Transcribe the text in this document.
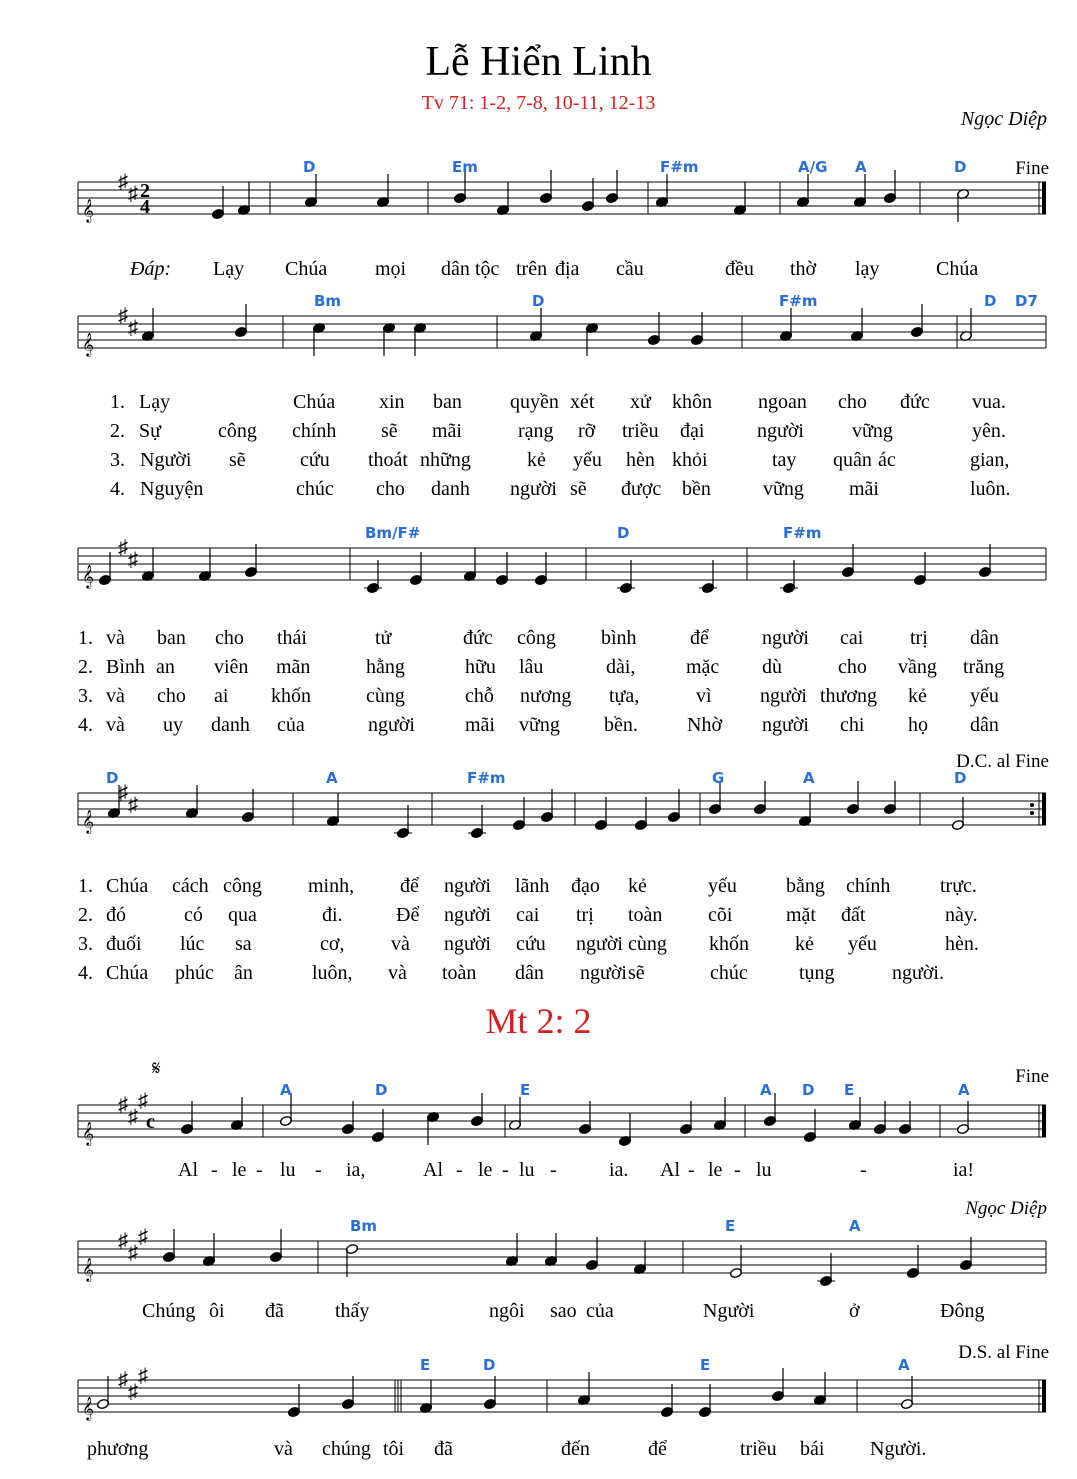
Lễ Hiển Linh
Tv 71: 1-2, 7-8, 10-11, 12-13
Ngọc Diệp
Mt 2: 2
Ngọc Diệp
Fine
D.C. al Fine
Fine
D.S. al Fine
𝄞
♯
♯ 2
4
D	Em	F#m	A/G A	D
Đáp: Lạy Chúa mọi dân tộc trên địa cầu	đều thờ lạy	Chúa
𝄞
♯
♯
Bm	D	F#m	D D7
1. Lạy	Chúa xin ban quyền xét xử khôn ngoan cho đức vua.
2. Sự	công chính sẽ mãi	rạng rỡ triều đại	người vững	yên.
3. Người sẽ	cứu thoát những	kẻ yếu hèn khỏi	tay quân ác	gian,
4. Nguyện	chúc cho danh người sẽ được bền	vững mãi	luôn.
𝄞
♯
♯
Bm/F#	D	F#m
1. và ban cho thái	tử	đức công bình	để	người cai trị dân
2. Bình an viên mãn	hằng	hữu lâu	dài,	mặc dù	cho vầng trăng
3. và cho ai khốn	cùng	chỗ nương tựa,	vì người thương kẻ yếu
4. và uy danh của	người	mãi vững bền. Nhờ người chi họ dân
𝄞
♯
♯
D	A	F#m	G	A	D
1. Chúa cách công minh, để người lãnh đạo kẻ	yếu bằng chính trực.
2. đó	có qua	đi.	Để người cai trị toàn cõi	mặt đất	này.
3. đuối lúc sa	cơ, và người cứu người cùng khốn kẻ yếu	hèn.
4. Chúa phúc ân	luôn, và toàn dân người sẽ	chúc	tụng	người.
𝄞
♯
♯
♯
c
𝄋
A	D	E	A D E	A
Al - le - lu - ia,	Al - le - lu -	ia. Al - le - lu	-	ia!
𝄞
♯
♯
♯	Bm	E	A
Chúng ôi đã	thấy	ngôi sao của	Người	ở	Đông
𝄞
♯
♯
♯	E	D	E	A
phương	và chúng tôi đã	đến	để	triều bái Người.
